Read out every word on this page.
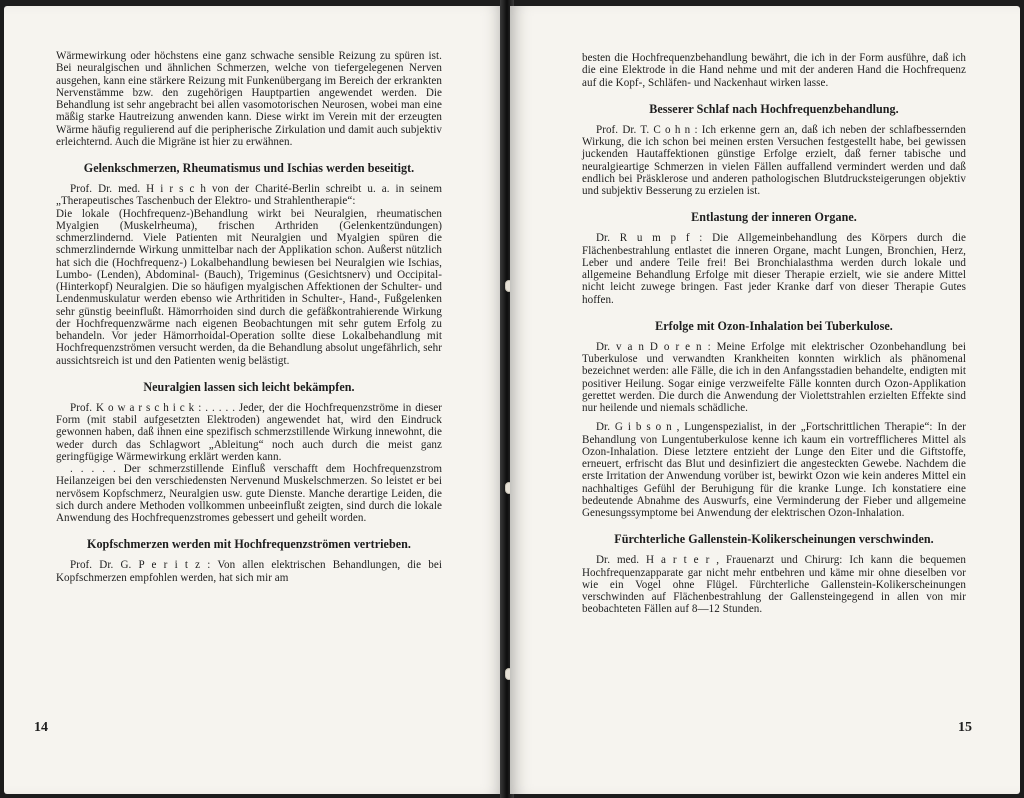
Wärmewirkung oder höchstens eine ganz schwache sensible Reizung zu spüren ist. Bei neuralgischen und ähnlichen Schmerzen, welche von tiefergelegenen Nerven ausgehen, kann eine stärkere Reizung mit Funkenübergang im Bereich der erkrankten Nervenstämme bzw. den zugehörigen Hauptpartien angewendet werden. Die Behandlung ist sehr angebracht bei allen vasomotorischen Neurosen, wobei man eine mäßig starke Hautreizung anwenden kann. Diese wirkt im Verein mit der erzeugten Wärme häufig regulierend auf die peripherische Zirkulation und damit auch subjektiv erleichternd. Auch die Migräne ist hier zu erwähnen.

Gelenkschmerzen, Rheumatismus und Ischias werden beseitigt.

Prof. Dr. med. H i r s c h von der Charité-Berlin schreibt u. a. in seinem „Therapeutisches Taschenbuch der Elektro- und Strahlentherapie“:

Die lokale (Hochfrequenz-)Behandlung wirkt bei Neuralgien, rheumatischen Myalgien (Muskelrheuma), frischen Arthriden (Gelenkentzündungen) schmerzlindernd. Viele Patienten mit Neuralgien und Myalgien spüren die schmerzlindernde Wirkung unmittelbar nach der Applikation schon. Außerst nützlich hat sich die (Hochfrequenz-) Lokalbehandlung bewiesen bei Neuralgien wie Ischias, Lumbo- (Lenden), Abdominal- (Bauch), Trigeminus (Gesichtsnerv) und Occipital- (Hinterkopf) Neuralgien. Die so häufigen myalgischen Affektionen der Schulter- und Lendenmuskulatur werden ebenso wie Arthritiden in Schulter-, Hand-, Fußgelenken sehr günstig beeinflußt. Hämorrhoiden sind durch die gefäßkontrahierende Wirkung der Hochfrequenzwärme nach eigenen Beobachtungen mit sehr gutem Erfolg zu behandeln. Vor jeder Hämorrhoidal-Operation sollte diese Lokalbehandlung mit Hochfrequenzströmen versucht werden, da die Behandlung absolut ungefährlich, sehr aussichtsreich ist und den Patienten wenig belästigt.

Neuralgien lassen sich leicht bekämpfen.

Prof. K o w a r s c h i c k : . . . . . Jeder, der die Hochfrequenzströme in dieser Form (mit stabil aufgesetzten Elektroden) angewendet hat, wird den Eindruck gewonnen haben, daß ihnen eine spezifisch schmerzstillende Wirkung innewohnt, die weder durch das Schlagwort „Ableitung“ noch auch durch die meist ganz geringfügige Wärmewirkung erklärt werden kann.

. . . . . Der schmerzstillende Einfluß verschafft dem Hochfrequenzstrom Heilanzeigen bei den verschiedensten Nervenund Muskelschmerzen. So leistet er bei nervösem Kopfschmerz, Neuralgien usw. gute Dienste. Manche derartige Leiden, die sich durch andere Methoden vollkommen unbeeinflußt zeigten, sind durch die lokale Anwendung des Hochfrequenzstromes gebessert und geheilt worden.

Kopfschmerzen werden mit Hochfrequenzströmen vertrieben.

Prof. Dr. G. P e r i t z : Von allen elektrischen Behandlungen, die bei Kopfschmerzen empfohlen werden, hat sich mir am

14

besten die Hochfrequenzbehandlung bewährt, die ich in der Form ausführe, daß ich die eine Elektrode in die Hand nehme und mit der anderen Hand die Hochfrequenz auf die Kopf-, Schläfen- und Nackenhaut wirken lasse.

Besserer Schlaf nach Hochfrequenzbehandlung.

Prof. Dr. T. C o h n : Ich erkenne gern an, daß ich neben der schlafbessernden Wirkung, die ich schon bei meinen ersten Versuchen festgestellt habe, bei gewissen juckenden Hautaffektionen günstige Erfolge erzielt, daß ferner tabische und neuralgieartige Schmerzen in vielen Fällen auffallend vermindert werden und daß endlich bei Präsklerose und anderen pathologischen Blutdrucksteigerungen objektiv und subjektiv Besserung zu erzielen ist.

Entlastung der inneren Organe.

Dr. R u m p f : Die Allgemeinbehandlung des Körpers durch die Flächenbestrahlung entlastet die inneren Organe, macht Lungen, Bronchien, Herz, Leber und andere Teile frei! Bei Bronchialasthma werden durch lokale und allgemeine Behandlung Erfolge mit dieser Therapie erzielt, wie sie andere Mittel nicht leicht zuwege bringen. Fast jeder Kranke darf von dieser Therapie Gutes hoffen.

Erfolge mit Ozon-Inhalation bei Tuberkulose.

Dr. v a n D o r e n : Meine Erfolge mit elektrischer Ozonbehandlung bei Tuberkulose und verwandten Krankheiten konnten wirklich als phänomenal bezeichnet werden: alle Fälle, die ich in den Anfangsstadien behandelte, endigten mit positiver Heilung. Sogar einige verzweifelte Fälle konnten durch Ozon-Applikation gerettet werden. Die durch die Anwendung der Violettstrahlen erzielten Effekte sind nur heilende und niemals schädliche.

Dr. G i b s o n , Lungenspezialist, in der „Fortschrittlichen Therapie“: In der Behandlung von Lungentuberkulose kenne ich kaum ein vortrefflicheres Mittel als Ozon-Inhalation. Diese letztere entzieht der Lunge den Eiter und die Giftstoffe, erneuert, erfrischt das Blut und desinfiziert die angesteckten Gewebe. Nachdem die erste Irritation der Anwendung vorüber ist, bewirkt Ozon wie kein anderes Mittel ein nachhaltiges Gefühl der Beruhigung für die kranke Lunge. Ich konstatiere eine bedeutende Abnahme des Auswurfs, eine Verminderung der Fieber und allgemeine Genesungssymptome bei Anwendung der elektrischen Ozon-Inhalation.

Fürchterliche Gallenstein-Kolikerscheinungen verschwinden.

Dr. med. H a r t e r , Frauenarzt und Chirurg: Ich kann die bequemen Hochfrequenzapparate gar nicht mehr entbehren und käme mir ohne dieselben vor wie ein Vogel ohne Flügel. Fürchterliche Gallenstein-Kolikerscheinungen verschwinden auf Flächenbestrahlung der Gallensteingegend in allen von mir beobachteten Fällen auf 8—12 Stunden.

15
